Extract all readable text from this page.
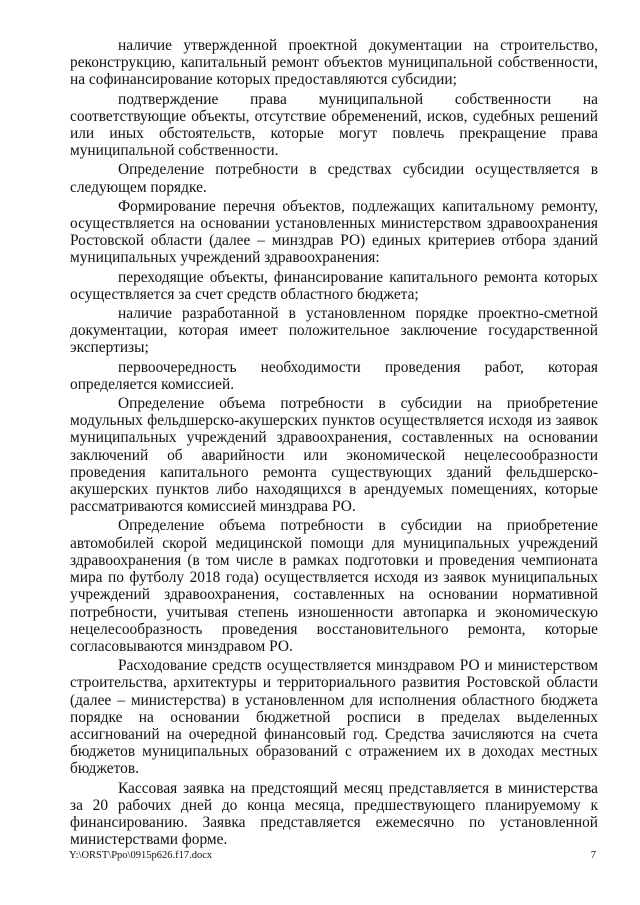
наличие утвержденной проектной документации на строительство, реконструкцию, капитальный ремонт объектов муниципальной собственности, на софинансирование которых предоставляются субсидии;

подтверждение права муниципальной собственности на соответствующие объекты, отсутствие обременений, исков, судебных решений или иных обстоятельств, которые могут повлечь прекращение права муниципальной собственности.

Определение потребности в средствах субсидии осуществляется в следующем порядке.

Формирование перечня объектов, подлежащих капитальному ремонту, осуществляется на основании установленных министерством здравоохранения Ростовской области (далее – минздрав РО) единых критериев отбора зданий муниципальных учреждений здравоохранения:

переходящие объекты, финансирование капитального ремонта которых осуществляется за счет средств областного бюджета;

наличие разработанной в установленном порядке проектно-сметной документации, которая имеет положительное заключение государственной экспертизы;

первоочередность необходимости проведения работ, которая определяется комиссией.

Определение объема потребности в субсидии на приобретение модульных фельдшерско-акушерских пунктов осуществляется исходя из заявок муниципальных учреждений здравоохранения, составленных на основании заключений об аварийности или экономической нецелесообразности проведения капитального ремонта существующих зданий фельдшерско-акушерских пунктов либо находящихся в арендуемых помещениях, которые рассматриваются комиссией минздрава РО.

Определение объема потребности в субсидии на приобретение автомобилей скорой медицинской помощи для муниципальных учреждений здравоохранения (в том числе в рамках подготовки и проведения чемпионата мира по футболу 2018 года) осуществляется исходя из заявок муниципальных учреждений здравоохранения, составленных на основании нормативной потребности, учитывая степень изношенности автопарка и экономическую нецелесообразность проведения восстановительного ремонта, которые согласовываются минздравом РО.

Расходование средств осуществляется минздравом РО и министерством строительства, архитектуры и территориального развития Ростовской области (далее – министерства) в установленном для исполнения областного бюджета порядке на основании бюджетной росписи в пределах выделенных ассигнований на очередной финансовый год. Средства зачисляются на счета бюджетов муниципальных образований с отражением их в доходах местных бюджетов.

Кассовая заявка на предстоящий месяц представляется в министерства за 20 рабочих дней до конца месяца, предшествующего планируемому к финансированию. Заявка представляется ежемесячно по установленной министерствами форме.

Y:\ORST\Ppo\0915p626.f17.docx	7
